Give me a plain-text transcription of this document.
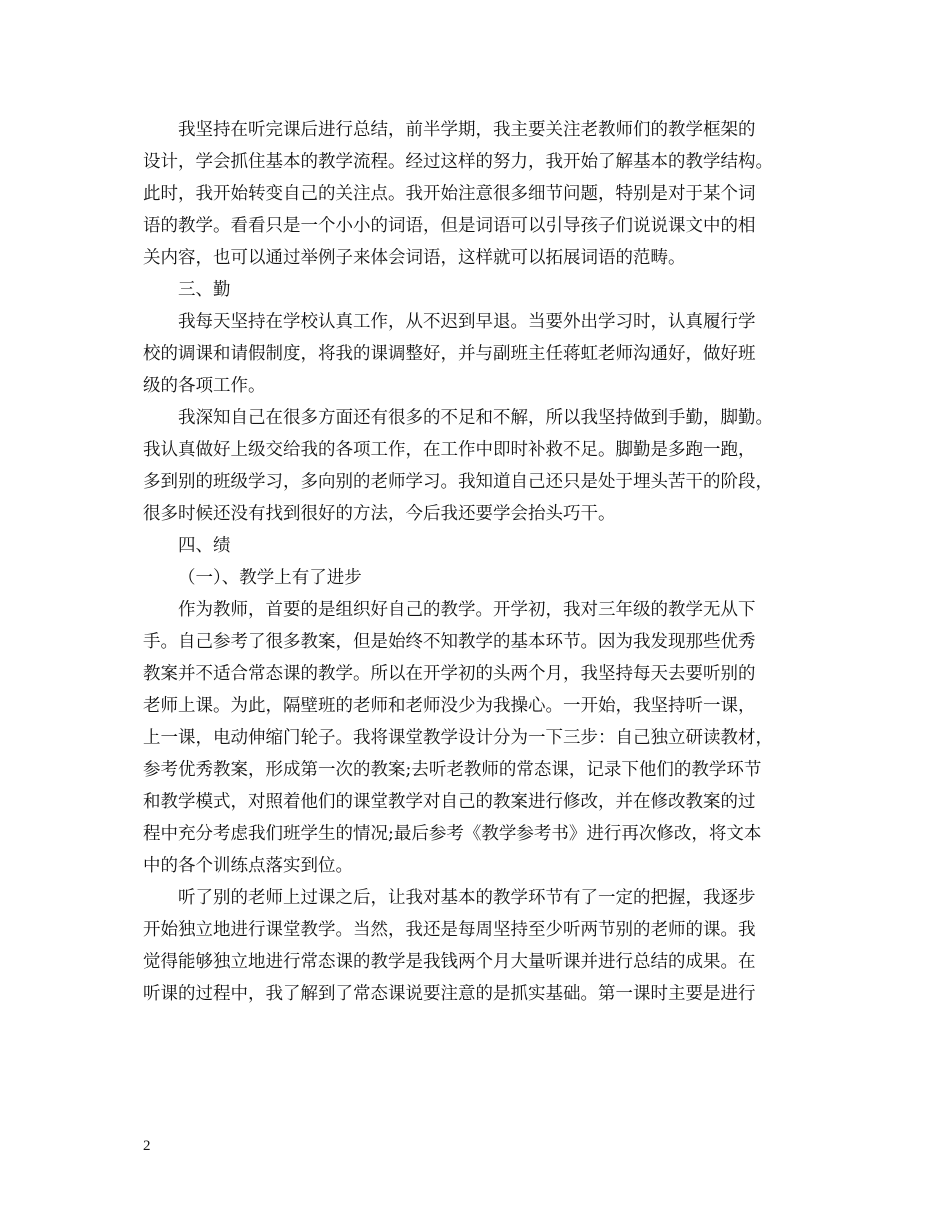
我坚持在听完课后进行总结，前半学期，我主要关注老教师们的教学框架的
设计，学会抓住基本的教学流程。经过这样的努力，我开始了解基本的教学结构。
此时，我开始转变自己的关注点。我开始注意很多细节问题，特别是对于某个词
语的教学。看看只是一个小小的词语，但是词语可以引导孩子们说说课文中的相
关内容，也可以通过举例子来体会词语，这样就可以拓展词语的范畴。
三、勤
我每天坚持在学校认真工作，从不迟到早退。当要外出学习时，认真履行学
校的调课和请假制度，将我的课调整好，并与副班主任蒋虹老师沟通好，做好班
级的各项工作。
我深知自己在很多方面还有很多的不足和不解，所以我坚持做到手勤，脚勤。
我认真做好上级交给我的各项工作，在工作中即时补救不足。脚勤是多跑一跑，
多到别的班级学习，多向别的老师学习。我知道自己还只是处于埋头苦干的阶段，
很多时候还没有找到很好的方法，今后我还要学会抬头巧干。
四、绩
（一）、教学上有了进步
作为教师，首要的是组织好自己的教学。开学初，我对三年级的教学无从下
手。自己参考了很多教案，但是始终不知教学的基本环节。因为我发现那些优秀
教案并不适合常态课的教学。所以在开学初的头两个月，我坚持每天去要听别的
老师上课。为此，隔壁班的老师和老师没少为我操心。一开始，我坚持听一课，
上一课，电动伸缩门轮子。我将课堂教学设计分为一下三步：自己独立研读教材，
参考优秀教案，形成第一次的教案;去听老教师的常态课，记录下他们的教学环节
和教学模式，对照着他们的课堂教学对自己的教案进行修改，并在修改教案的过
程中充分考虑我们班学生的情况;最后参考《教学参考书》进行再次修改，将文本
中的各个训练点落实到位。
听了别的老师上过课之后，让我对基本的教学环节有了一定的把握，我逐步
开始独立地进行课堂教学。当然，我还是每周坚持至少听两节别的老师的课。我
觉得能够独立地进行常态课的教学是我钱两个月大量听课并进行总结的成果。在
听课的过程中，我了解到了常态课说要注意的是抓实基础。第一课时主要是进行
2
